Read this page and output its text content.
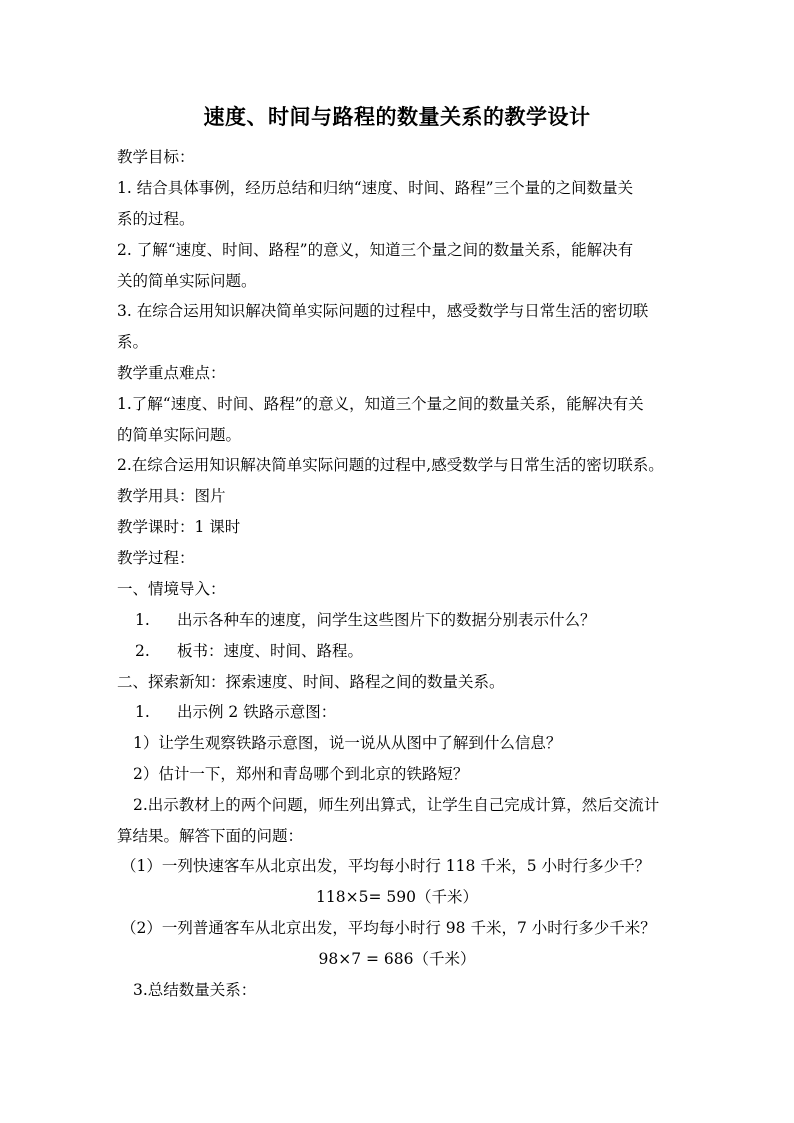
速度、时间与路程的数量关系的教学设计
教学目标：
1. 结合具体事例，经历总结和归纳“速度、时间、路程”三个量的之间数量关
系的过程。
2. 了解“速度、时间、路程”的意义，知道三个量之间的数量关系，能解决有
关的简单实际问题。
3. 在综合运用知识解决简单实际问题的过程中，感受数学与日常生活的密切联
系。
教学重点难点：
1.了解“速度、时间、路程”的意义，知道三个量之间的数量关系，能解决有关
的简单实际问题。
2.在综合运用知识解决简单实际问题的过程中,感受数学与日常生活的密切联系。
教学用具：图片
教学课时：1 课时
教学过程：
一、情境导入：
1. 出示各种车的速度，问学生这些图片下的数据分别表示什么？
2. 板书：速度、时间、路程。
二、探索新知：探索速度、时间、路程之间的数量关系。
1. 出示例 2 铁路示意图：
1）让学生观察铁路示意图，说一说从从图中了解到什么信息？
2）估计一下，郑州和青岛哪个到北京的铁路短？
2.出示教材上的两个问题，师生列出算式，让学生自己完成计算，然后交流计
算结果。解答下面的问题：
（1）一列快速客车从北京出发，平均每小时行 118 千米，5 小时行多少千？
118×5= 590（千米）
（2）一列普通客车从北京出发，平均每小时行 98 千米，7 小时行多少千米？
98×7 = 686（千米）
3.总结数量关系：
